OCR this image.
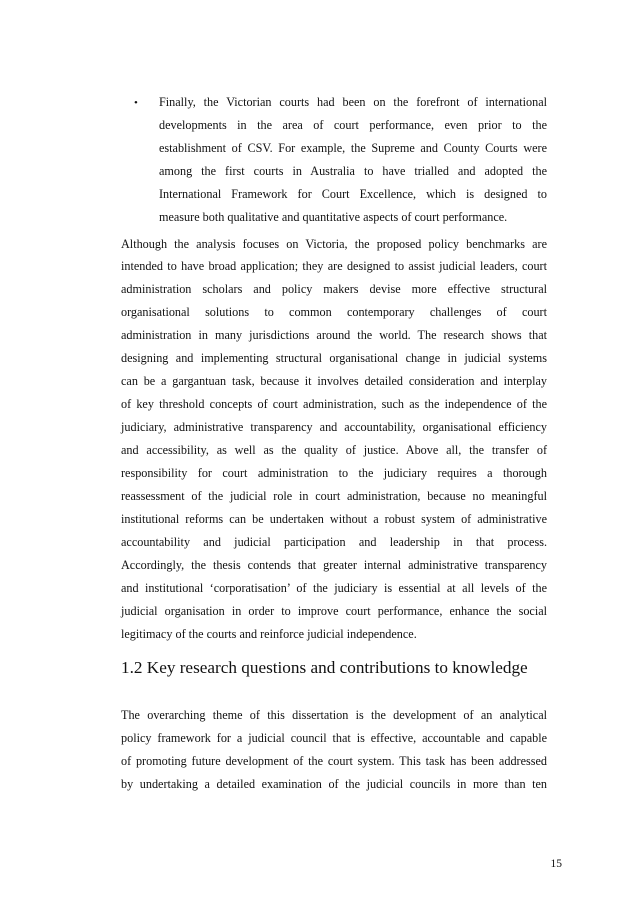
• Finally, the Victorian courts had been on the forefront of international

developments in the area of court performance, even prior to the

establishment of CSV. For example, the Supreme and County Courts were

among the first courts in Australia to have trialled and adopted the

International Framework for Court Excellence, which is designed to

measure both qualitative and quantitative aspects of court performance.

Although the analysis focuses on Victoria, the proposed policy benchmarks are

intended to have broad application; they are designed to assist judicial leaders, court

administration scholars and policy makers devise more effective structural

organisational solutions to common contemporary challenges of court

administration in many jurisdictions around the world. The research shows that

designing and implementing structural organisational change in judicial systems

can be a gargantuan task, because it involves detailed consideration and interplay

of key threshold concepts of court administration, such as the independence of the

judiciary, administrative transparency and accountability, organisational efficiency

and accessibility, as well as the quality of justice. Above all, the transfer of

responsibility for court administration to the judiciary requires a thorough

reassessment of the judicial role in court administration, because no meaningful

institutional reforms can be undertaken without a robust system of administrative

accountability and judicial participation and leadership in that process.

Accordingly, the thesis contends that greater internal administrative transparency

and institutional ‘corporatisation’ of the judiciary is essential at all levels of the

judicial organisation in order to improve court performance, enhance the social

legitimacy of the courts and reinforce judicial independence.

1.2 Key research questions and contributions to knowledge

The overarching theme of this dissertation is the development of an analytical

policy framework for a judicial council that is effective, accountable and capable

of promoting future development of the court system. This task has been addressed

by undertaking a detailed examination of the judicial councils in more than ten

15
